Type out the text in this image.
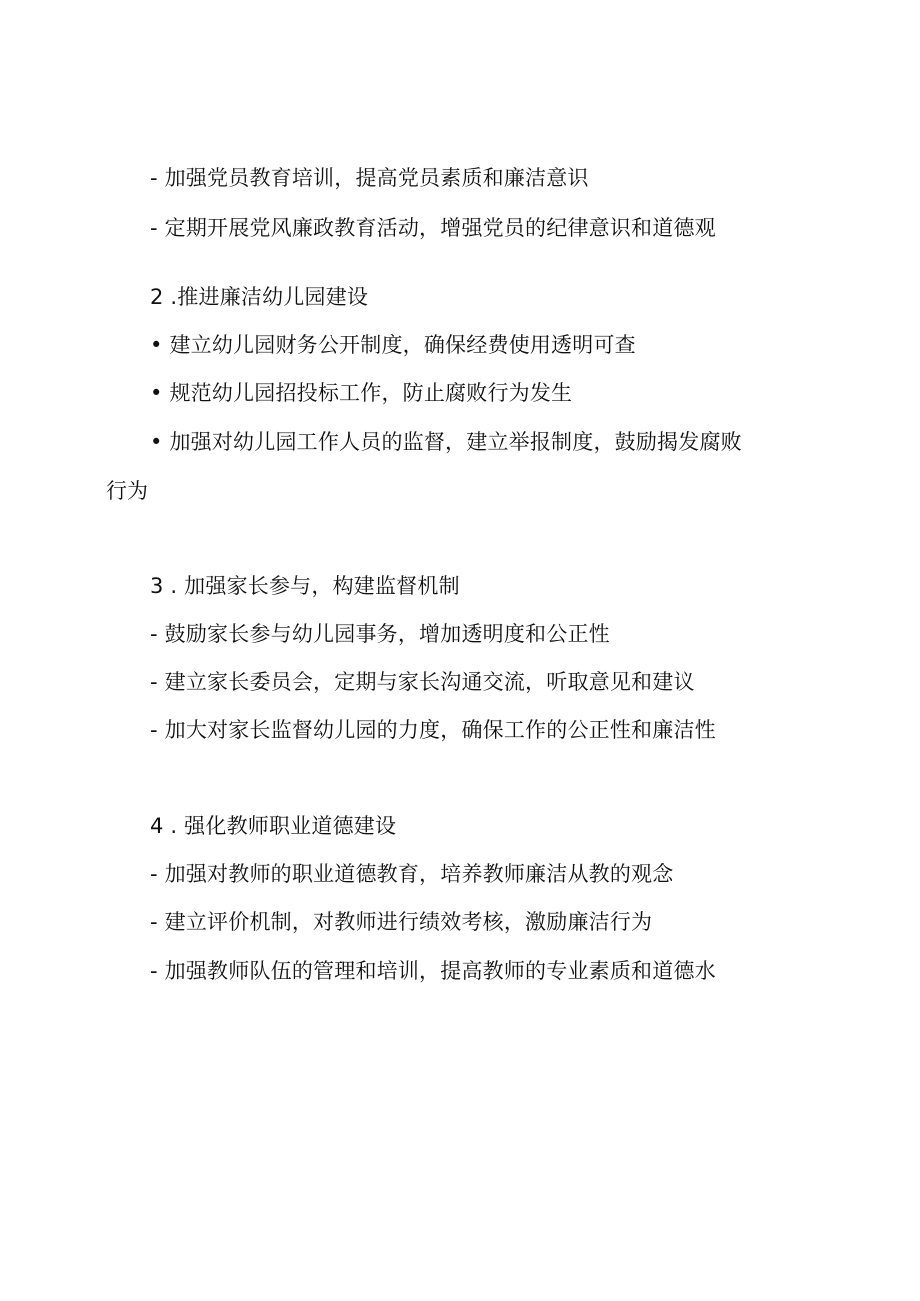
- 加强党员教育培训，提高党员素质和廉洁意识
- 定期开展党风廉政教育活动，增强党员的纪律意识和道德观
2 .推进廉洁幼儿园建设
• 建立幼儿园财务公开制度，确保经费使用透明可查
• 规范幼儿园招投标工作，防止腐败行为发生
• 加强对幼儿园工作人员的监督，建立举报制度，鼓励揭发腐败
行为
3 . 加强家长参与，构建监督机制
- 鼓励家长参与幼儿园事务，增加透明度和公正性
- 建立家长委员会，定期与家长沟通交流，听取意见和建议
- 加大对家长监督幼儿园的力度，确保工作的公正性和廉洁性
4 . 强化教师职业道德建设
- 加强对教师的职业道德教育，培养教师廉洁从教的观念
- 建立评价机制，对教师进行绩效考核，激励廉洁行为
- 加强教师队伍的管理和培训，提高教师的专业素质和道德水
